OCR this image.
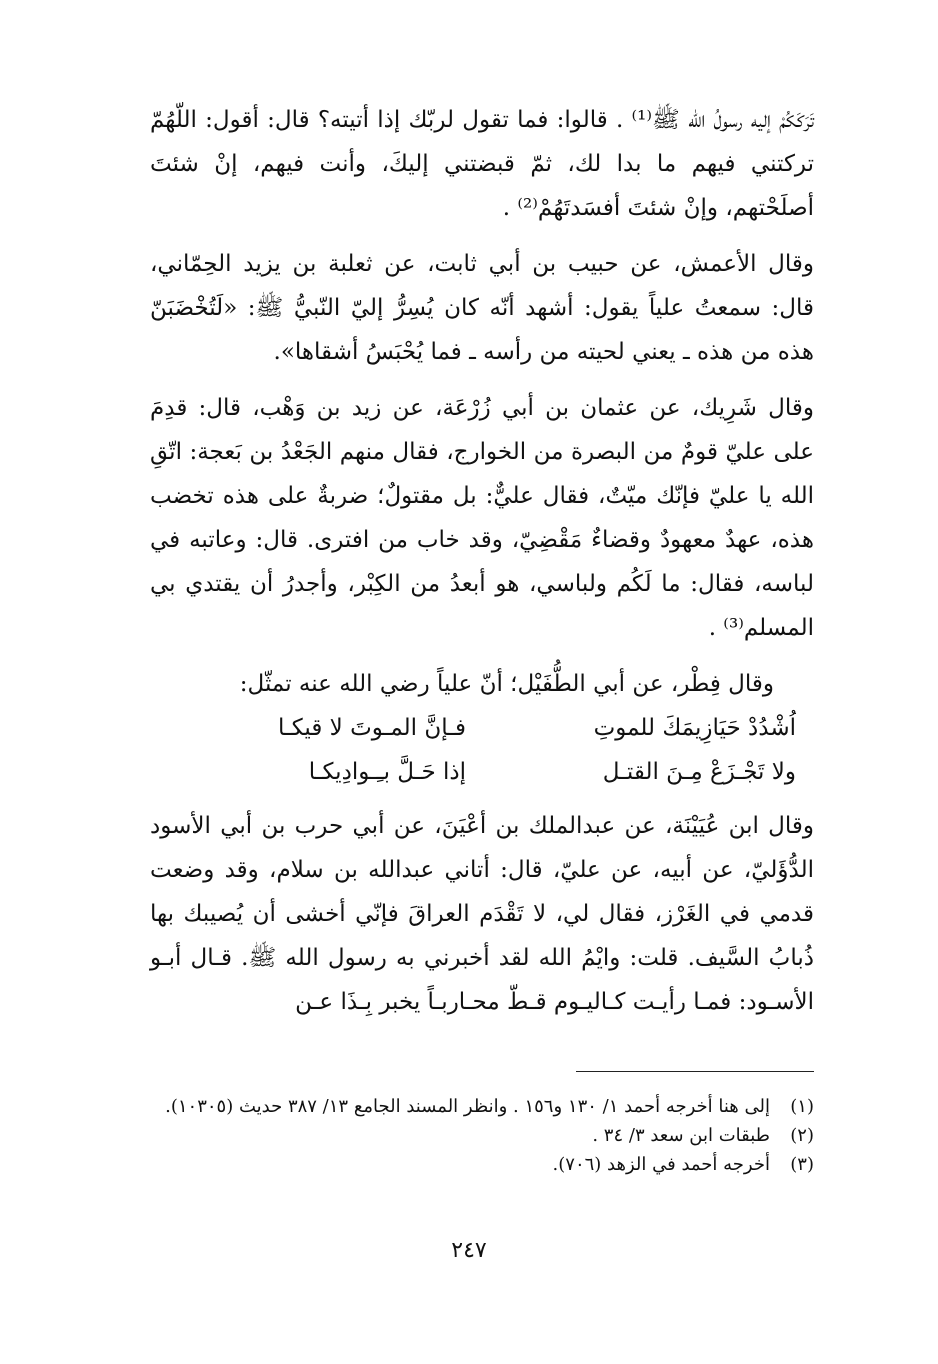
تَرَكَكُمْ إليه رسولُ الله ﷺ⁽¹⁾ . قالوا: فما تقول لربّك إذا أتيته؟ قال: أقول: اللّهُمّ تركتني فيهم ما بدا لك، ثمّ قبضتني إليكَ، وأنت فيهم، إنْ شئتَ أصلَحْتهم، وإنْ شئتَ أفسَدتَهُمْ⁽²⁾ .

وقال الأعمش، عن حبيب بن أبي ثابت، عن ثعلبة بن يزيد الحِمّاني، قال: سمعتُ علياً يقول: أشهد أنّه كان يُسِرُّ إليّ النّبيُّ ﷺ: «لَتُخْضَبَنّ هذه من هذه ـ يعني لحيته من رأسه ـ فما يُحْبَسُ أشقاها».

وقال شَرِيك، عن عثمان بن أبي زُرْعَة، عن زيد بن وَهْب، قال: قدِمَ على عليّ قومٌ من البصرة من الخوارج، فقال منهم الجَعْدُ بن بَعجة: اتّقِ الله يا عليّ فإنّك ميّتٌ، فقال عليٌّ: بل مقتولٌ؛ ضربةٌ على هذه تخضب هذه، عهدٌ معهودٌ وقضاءٌ مَقْضِيّ، وقد خاب من افترى. قال: وعاتبه في لباسه، فقال: ما لَكُم ولباسي، هو أبعدُ من الكِبْر، وأجدرُ أن يقتدي بي المسلم⁽³⁾ .

وقال فِطْر، عن أبي الطُّفَيْل؛ أنّ علياً رضي الله عنه تمثّل:
اُشْدُدْ حَيَازِيمَكَ للموتِ
فـإنَّ المـوتَ لا قيكـا
ولا تَجْـزَعْ مِـنَ القتـل
إذا حَـلَّ بـِـوادِيكـا

وقال ابن عُيَيْنَة، عن عبدالملك بن أعْيَنَ، عن أبي حرب بن أبي الأسود الدُّؤَليّ، عن أبيه، عن عليّ، قال: أتاني عبدالله بن سلام، وقد وضعت قدمي في الغَرْز، فقال لي، لا تَقْدَم العراقَ فإنّي أخشى أن يُصيبك بها ذُبابُ السَّيف. قلت: وايْمُ الله لقد أخبرني به رسول الله ﷺ. قـال أبـو الأسـود: فمـا رأيـت كـاليـوم قـطّ محـاربـاً يخبر بِـذَا عـن

(١)
إلى هنا أخرجه أحمد ١/ ١٣٠ و١٥٦ . وانظر المسند الجامع ١٣/ ٣٨٧ حديث (١٠٣٠٥).
(٢)
طبقات ابن سعد ٣/ ٣٤ .
(٣)
أخرجه أحمد في الزهد (٧٠٦).
٢٤٧
